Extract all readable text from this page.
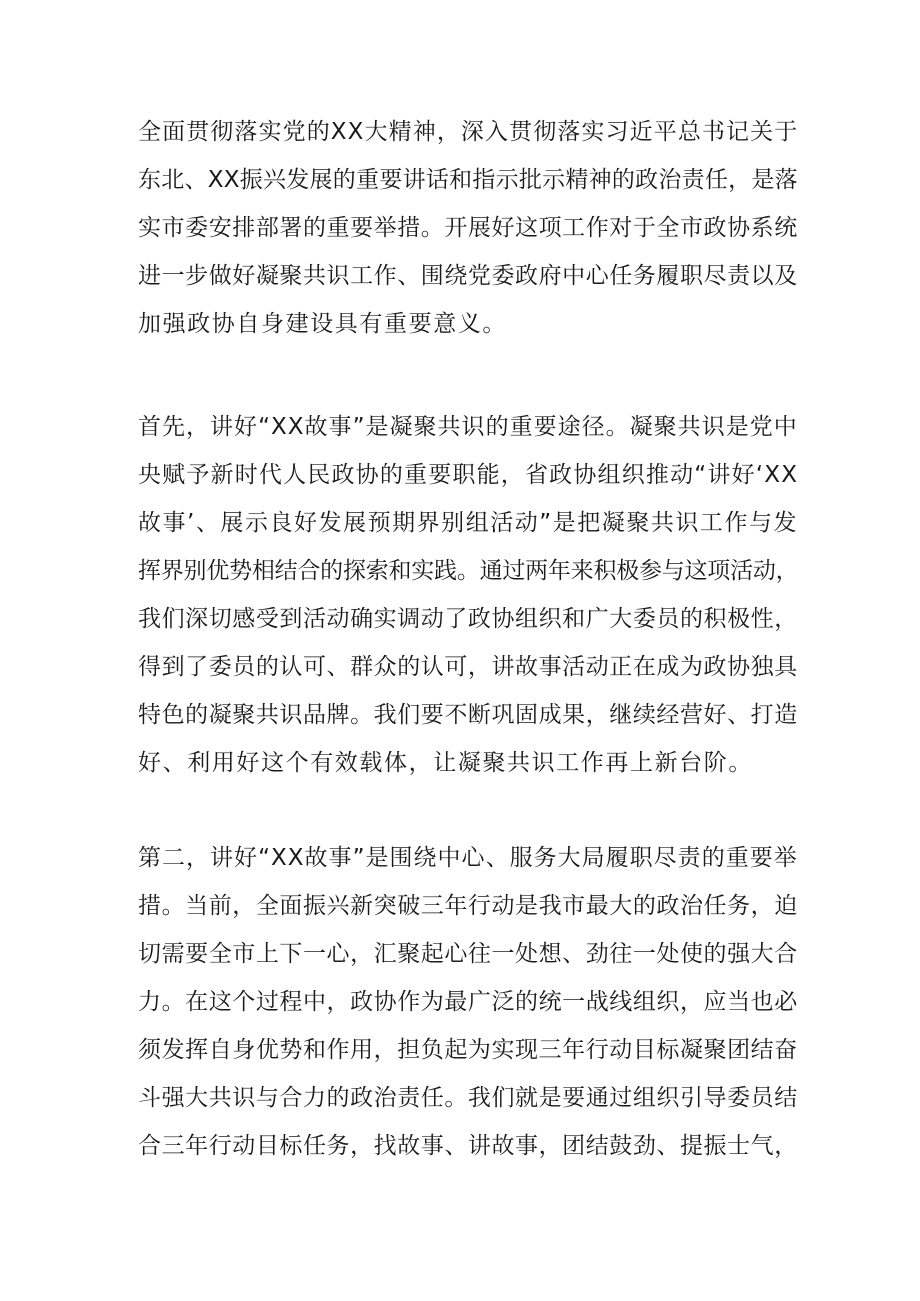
全面贯彻落实党的XX大精神，深入贯彻落实习近平总书记关于
东北、XX振兴发展的重要讲话和指示批示精神的政治责任，是落
实市委安排部署的重要举措。开展好这项工作对于全市政协系统
进一步做好凝聚共识工作、围绕党委政府中心任务履职尽责以及
加强政协自身建设具有重要意义。
首先，讲好“XX故事”是凝聚共识的重要途径。凝聚共识是党中
央赋予新时代人民政协的重要职能，省政协组织推动“讲好‘XX
故事’、展示良好发展预期界别组活动”是把凝聚共识工作与发
挥界别优势相结合的探索和实践。通过两年来积极参与这项活动，
我们深切感受到活动确实调动了政协组织和广大委员的积极性，
得到了委员的认可、群众的认可，讲故事活动正在成为政协独具
特色的凝聚共识品牌。我们要不断巩固成果，继续经营好、打造
好、利用好这个有效载体，让凝聚共识工作再上新台阶。
第二，讲好“XX故事”是围绕中心、服务大局履职尽责的重要举
措。当前，全面振兴新突破三年行动是我市最大的政治任务，迫
切需要全市上下一心，汇聚起心往一处想、劲往一处使的强大合
力。在这个过程中，政协作为最广泛的统一战线组织，应当也必
须发挥自身优势和作用，担负起为实现三年行动目标凝聚团结奋
斗强大共识与合力的政治责任。我们就是要通过组织引导委员结
合三年行动目标任务，找故事、讲故事，团结鼓劲、提振士气，
